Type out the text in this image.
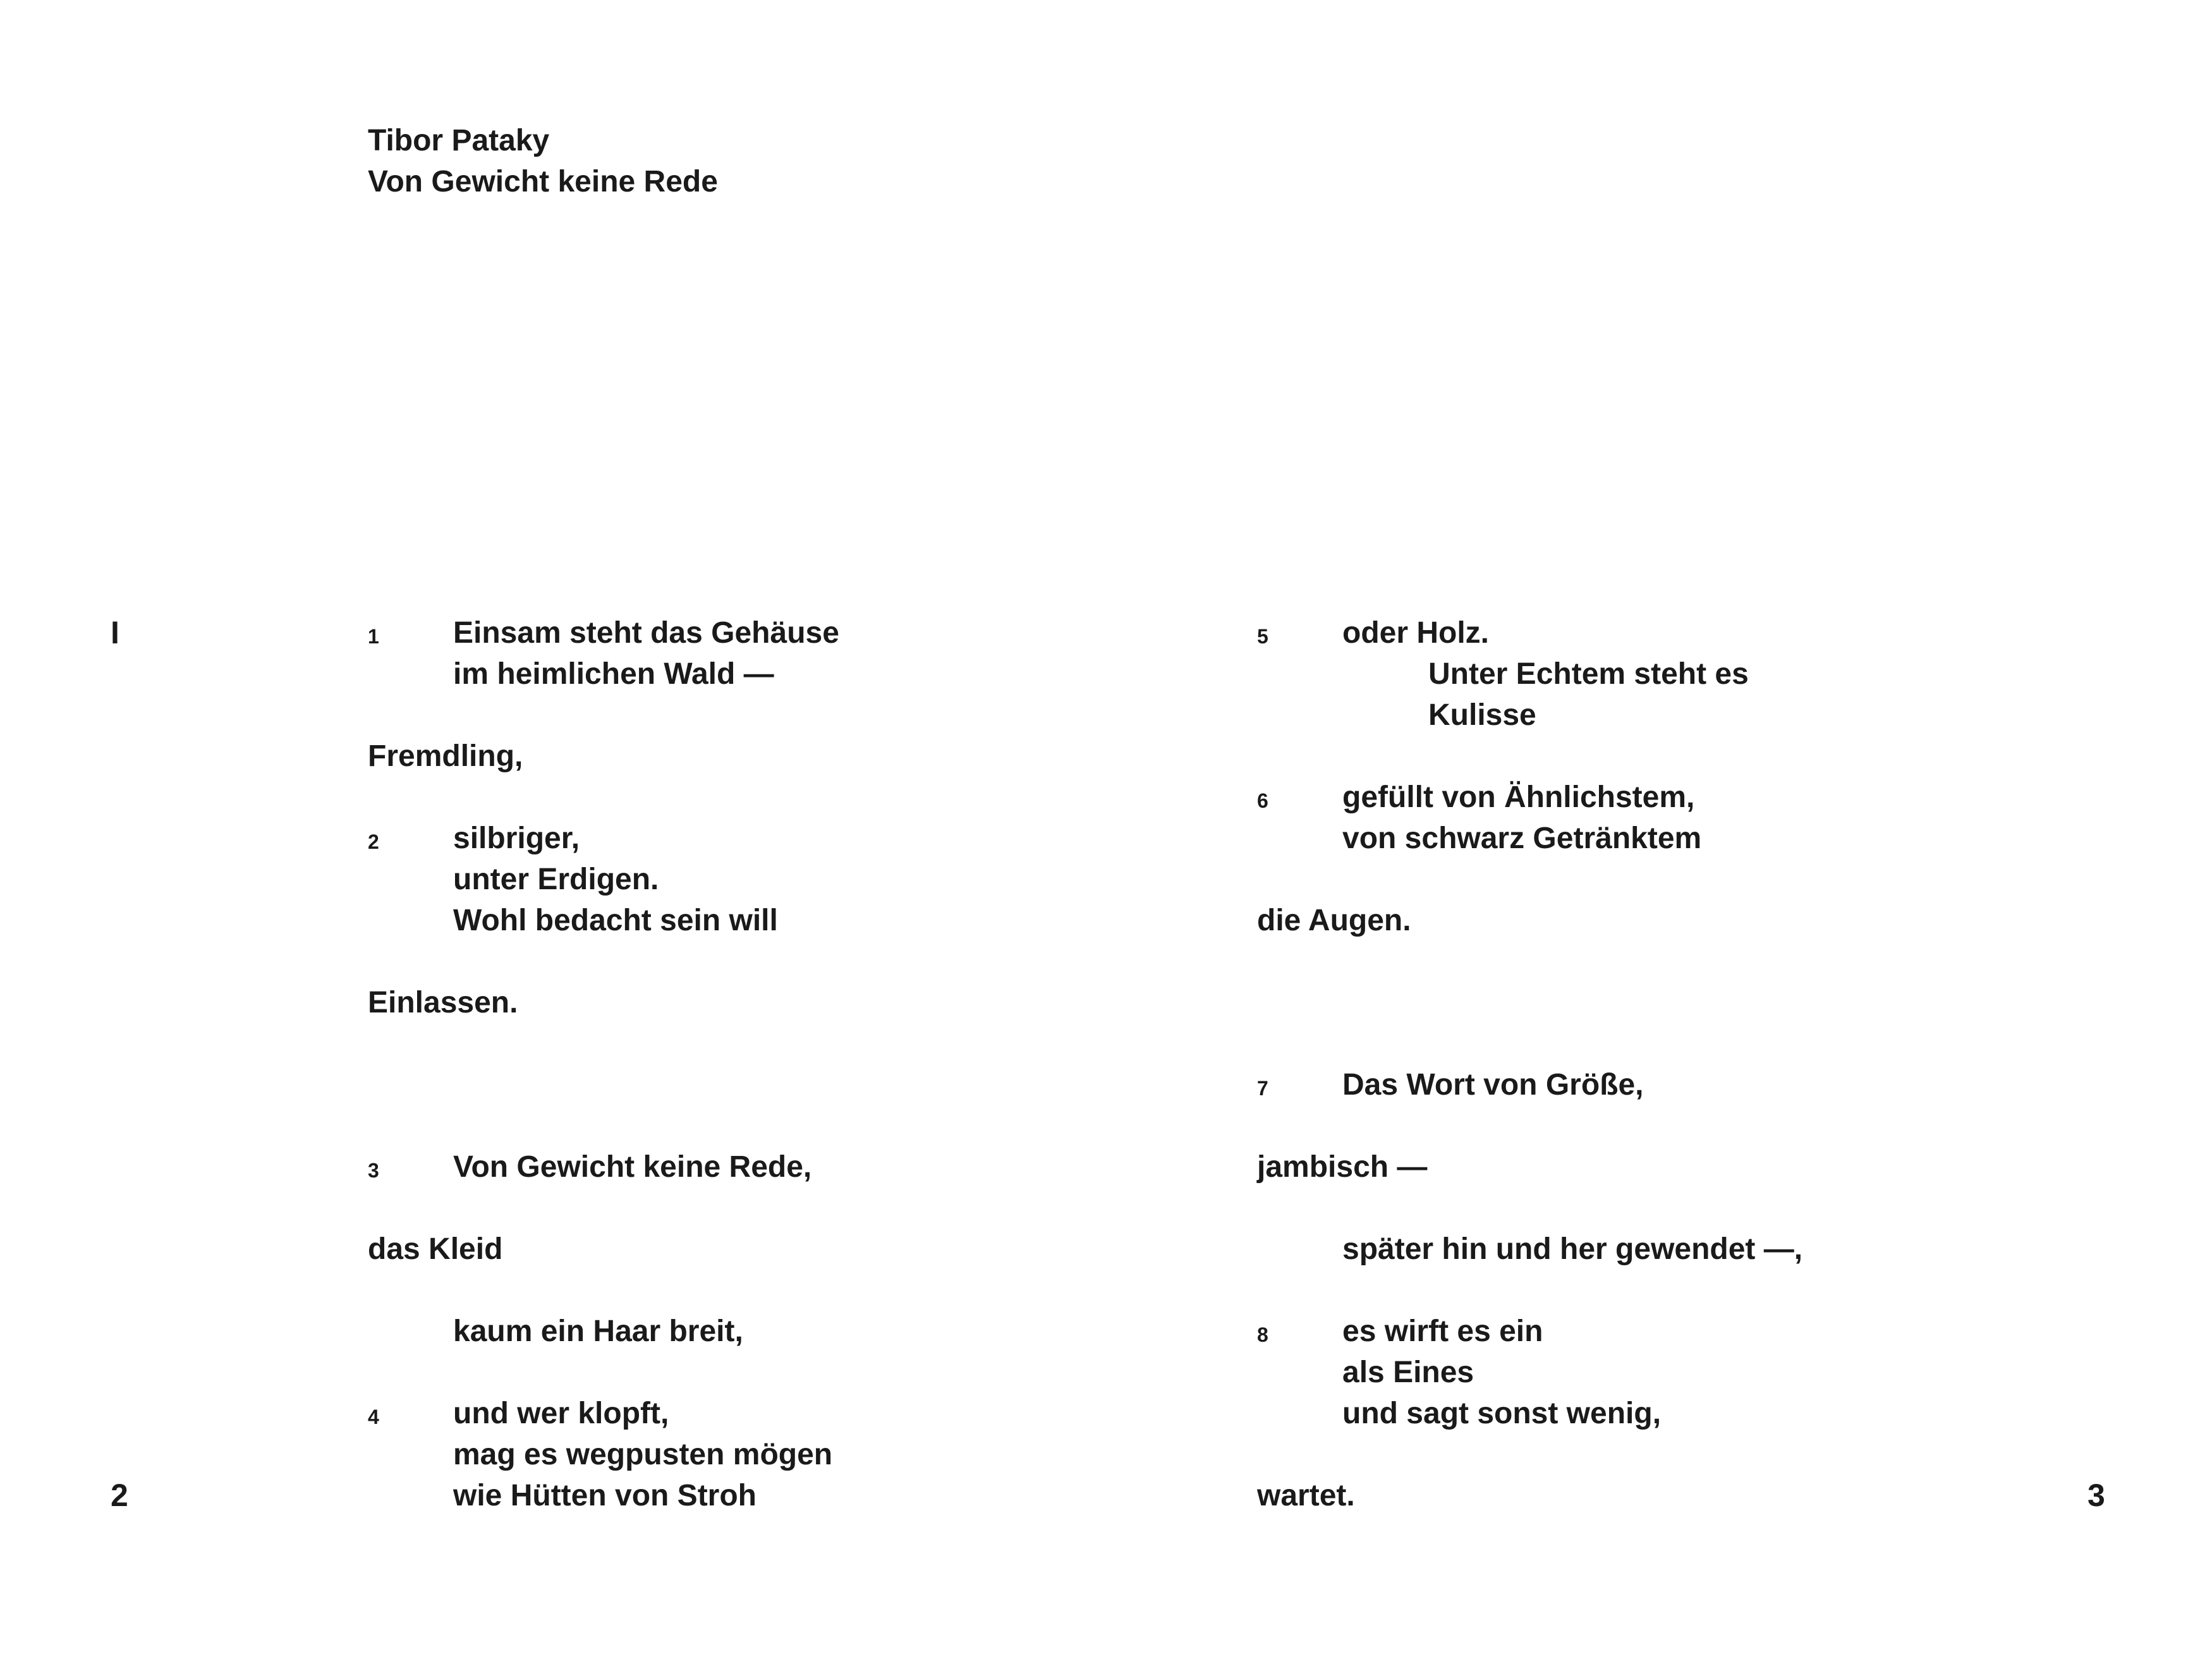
Tibor Pataky
Von Gewicht keine Rede
I	1 Einsam steht das Gehäuse
im heimlichen Wald —
Fremdling,
2 silbriger,
unter Erdigen.
Wohl bedacht sein will
Einlassen.
3 Von Gewicht keine Rede,
das Kleid
kaum ein Haar breit,
4 und wer klopft,
mag es wegpusten mögen
wie Hütten von Stroh
2
5 oder Holz.
Unter Echtem steht es
Kulisse
6 gefüllt von Ähnlichstem,
von schwarz Getränktem
die Augen.
7 Das Wort von Größe,
jambisch —
später hin und her gewendet —,
8 es wirft es ein
als Eines
und sagt sonst wenig,
wartet.	3
